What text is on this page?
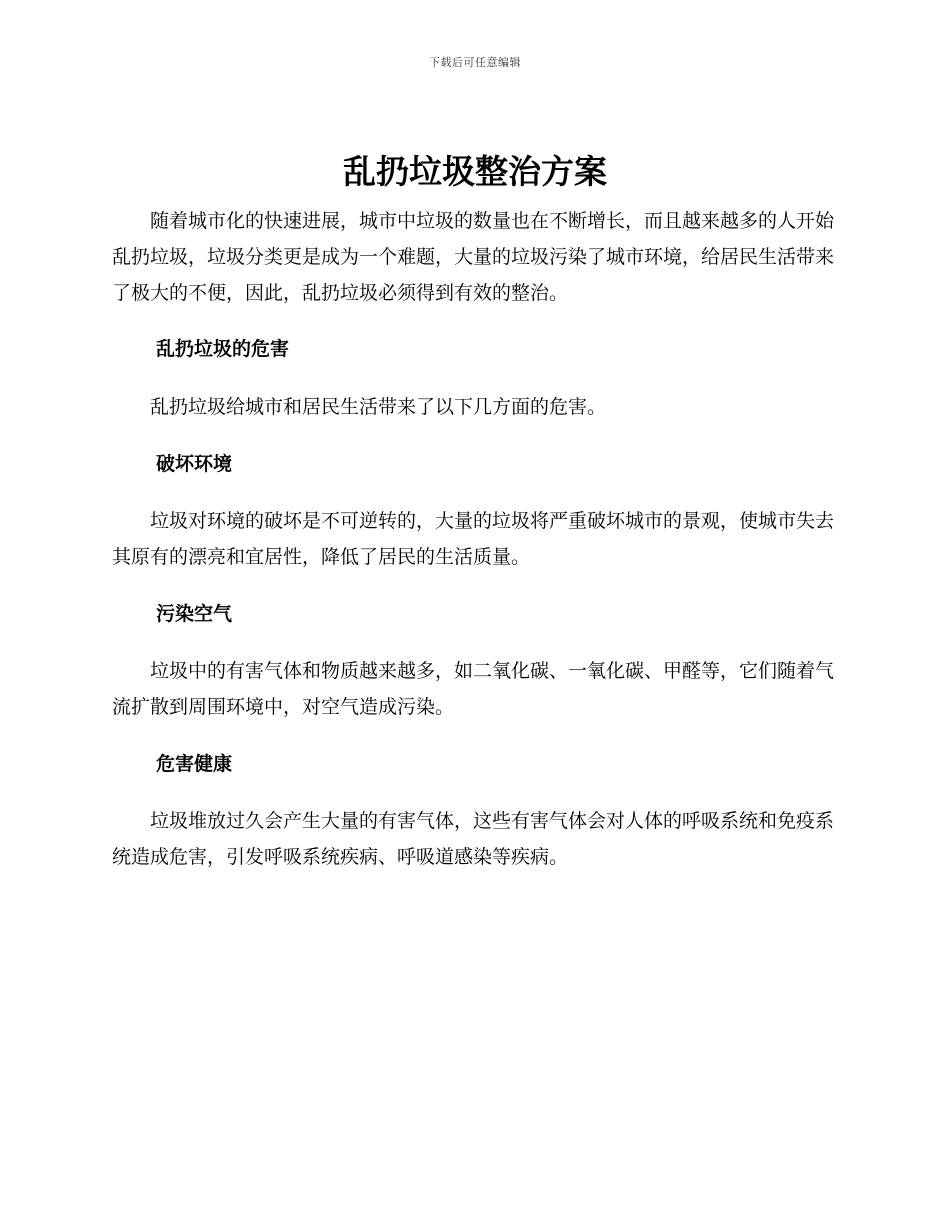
下载后可任意编辑
乱扔垃圾整治方案

随着城市化的快速进展，城市中垃圾的数量也在不断增长，而且越来越多的人开始乱扔垃圾，垃圾分类更是成为一个难题，大量的垃圾污染了城市环境，给居民生活带来了极大的不便，因此，乱扔垃圾必须得到有效的整治。

乱扔垃圾的危害

乱扔垃圾给城市和居民生活带来了以下几方面的危害。

破坏环境

垃圾对环境的破坏是不可逆转的，大量的垃圾将严重破坏城市的景观，使城市失去其原有的漂亮和宜居性，降低了居民的生活质量。

污染空气

垃圾中的有害气体和物质越来越多，如二氧化碳、一氧化碳、甲醛等，它们随着气流扩散到周围环境中，对空气造成污染。

危害健康

垃圾堆放过久会产生大量的有害气体，这些有害气体会对人体的呼吸系统和免疫系统造成危害，引发呼吸系统疾病、呼吸道感染等疾病。
